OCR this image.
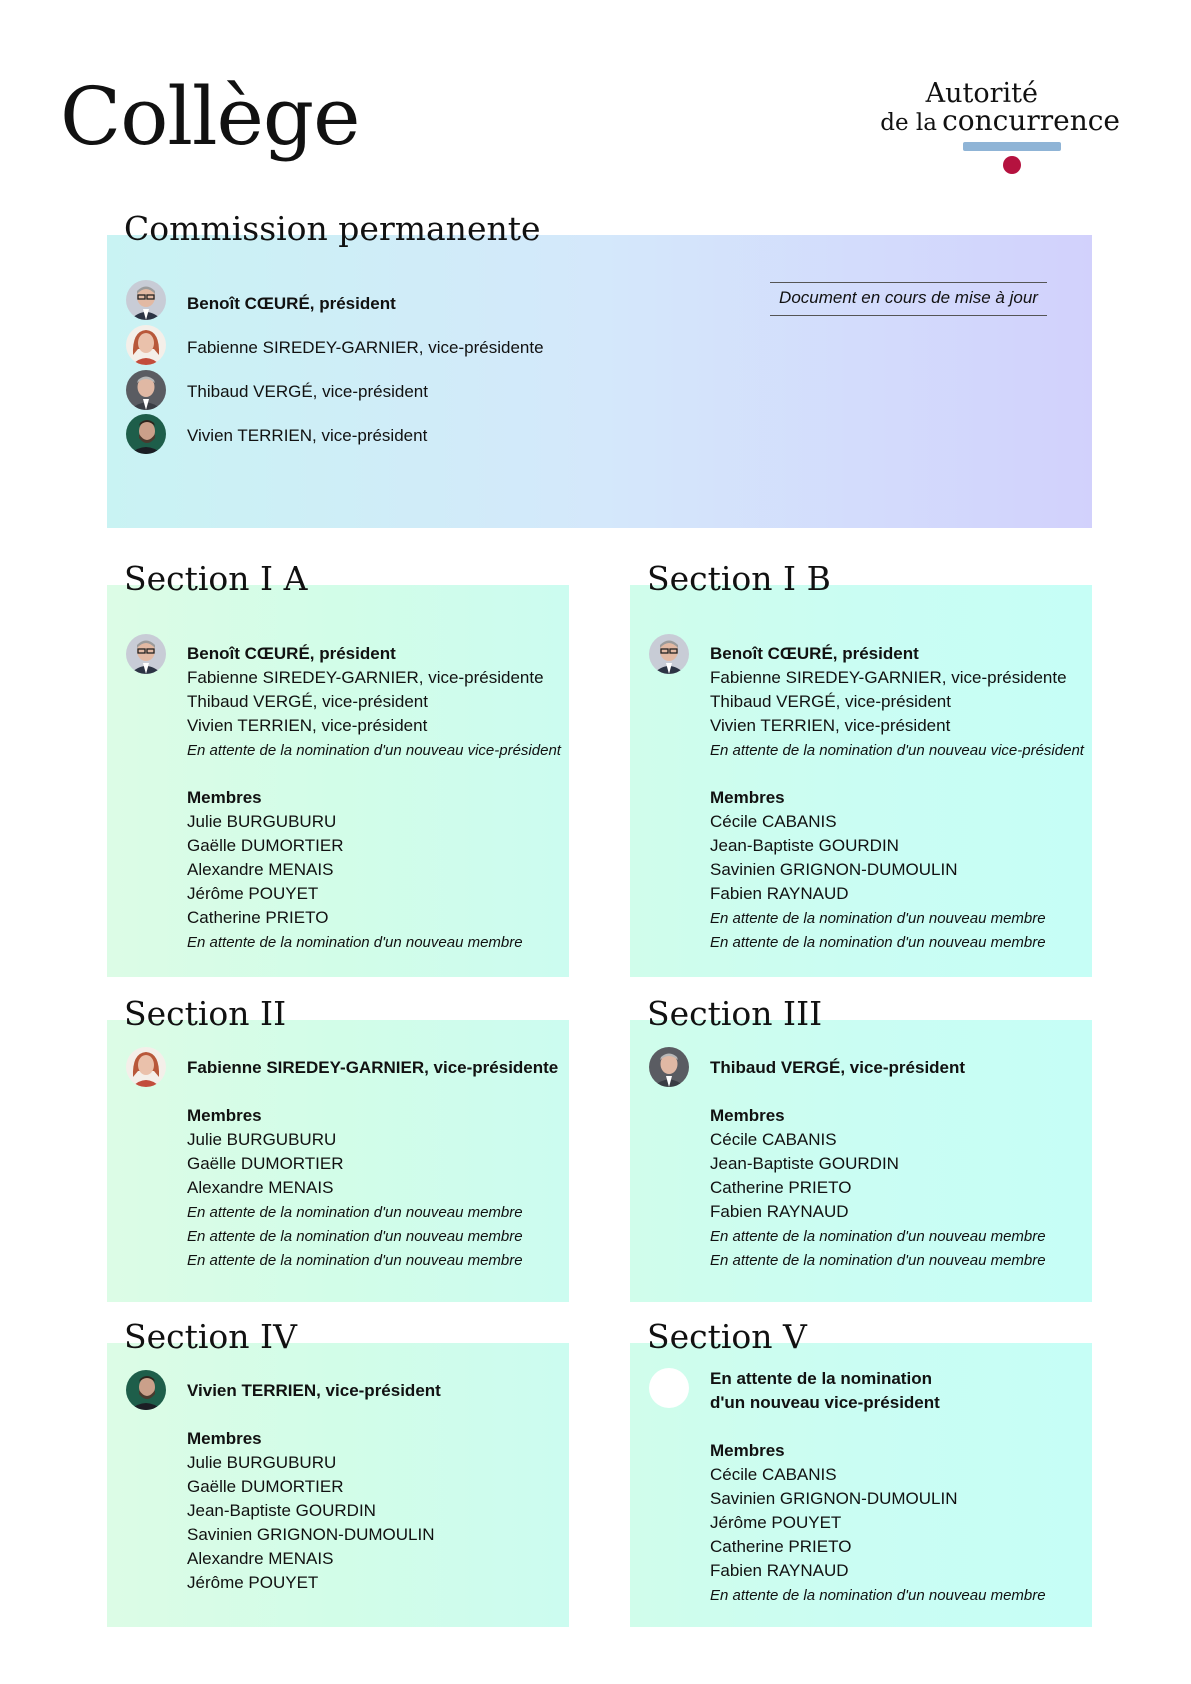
Collège	Autorité
de la concurrence
Commission permanente
Document en cours de mise à jour
Benoît CŒURÉ, président
Fabienne SIREDEY-GARNIER, vice-présidente
Thibaud VERGÉ, vice-président
Vivien TERRIEN, vice-président
Section I A
Benoît CŒURÉ, président
Fabienne SIREDEY-GARNIER, vice-présidente
Thibaud VERGÉ, vice-président
Vivien TERRIEN, vice-président
En attente de la nomination d'un nouveau vice-président
Membres
Julie BURGUBURU
Gaëlle DUMORTIER
Alexandre MENAIS
Jérôme POUYET
Catherine PRIETO
En attente de la nomination d'un nouveau membre
Section I B
Benoît CŒURÉ, président
Fabienne SIREDEY-GARNIER, vice-présidente
Thibaud VERGÉ, vice-président
Vivien TERRIEN, vice-président
En attente de la nomination d'un nouveau vice-président
Membres
Cécile CABANIS
Jean-Baptiste GOURDIN
Savinien GRIGNON-DUMOULIN
Fabien RAYNAUD
En attente de la nomination d'un nouveau membre
En attente de la nomination d'un nouveau membre
Section II
Fabienne SIREDEY-GARNIER, vice-présidente
Membres
Julie BURGUBURU
Gaëlle DUMORTIER
Alexandre MENAIS
En attente de la nomination d'un nouveau membre
En attente de la nomination d'un nouveau membre
En attente de la nomination d'un nouveau membre
Section III
Thibaud VERGÉ, vice-président
Membres
Cécile CABANIS
Jean-Baptiste GOURDIN
Catherine PRIETO
Fabien RAYNAUD
En attente de la nomination d'un nouveau membre
En attente de la nomination d'un nouveau membre
Section IV
Vivien TERRIEN, vice-président
Membres
Julie BURGUBURU
Gaëlle DUMORTIER
Jean-Baptiste GOURDIN
Savinien GRIGNON-DUMOULIN
Alexandre MENAIS
Jérôme POUYET
Section V
En attente de la nomination
d'un nouveau vice-président
Membres
Cécile CABANIS
Savinien GRIGNON-DUMOULIN
Jérôme POUYET
Catherine PRIETO
Fabien RAYNAUD
En attente de la nomination d'un nouveau membre
